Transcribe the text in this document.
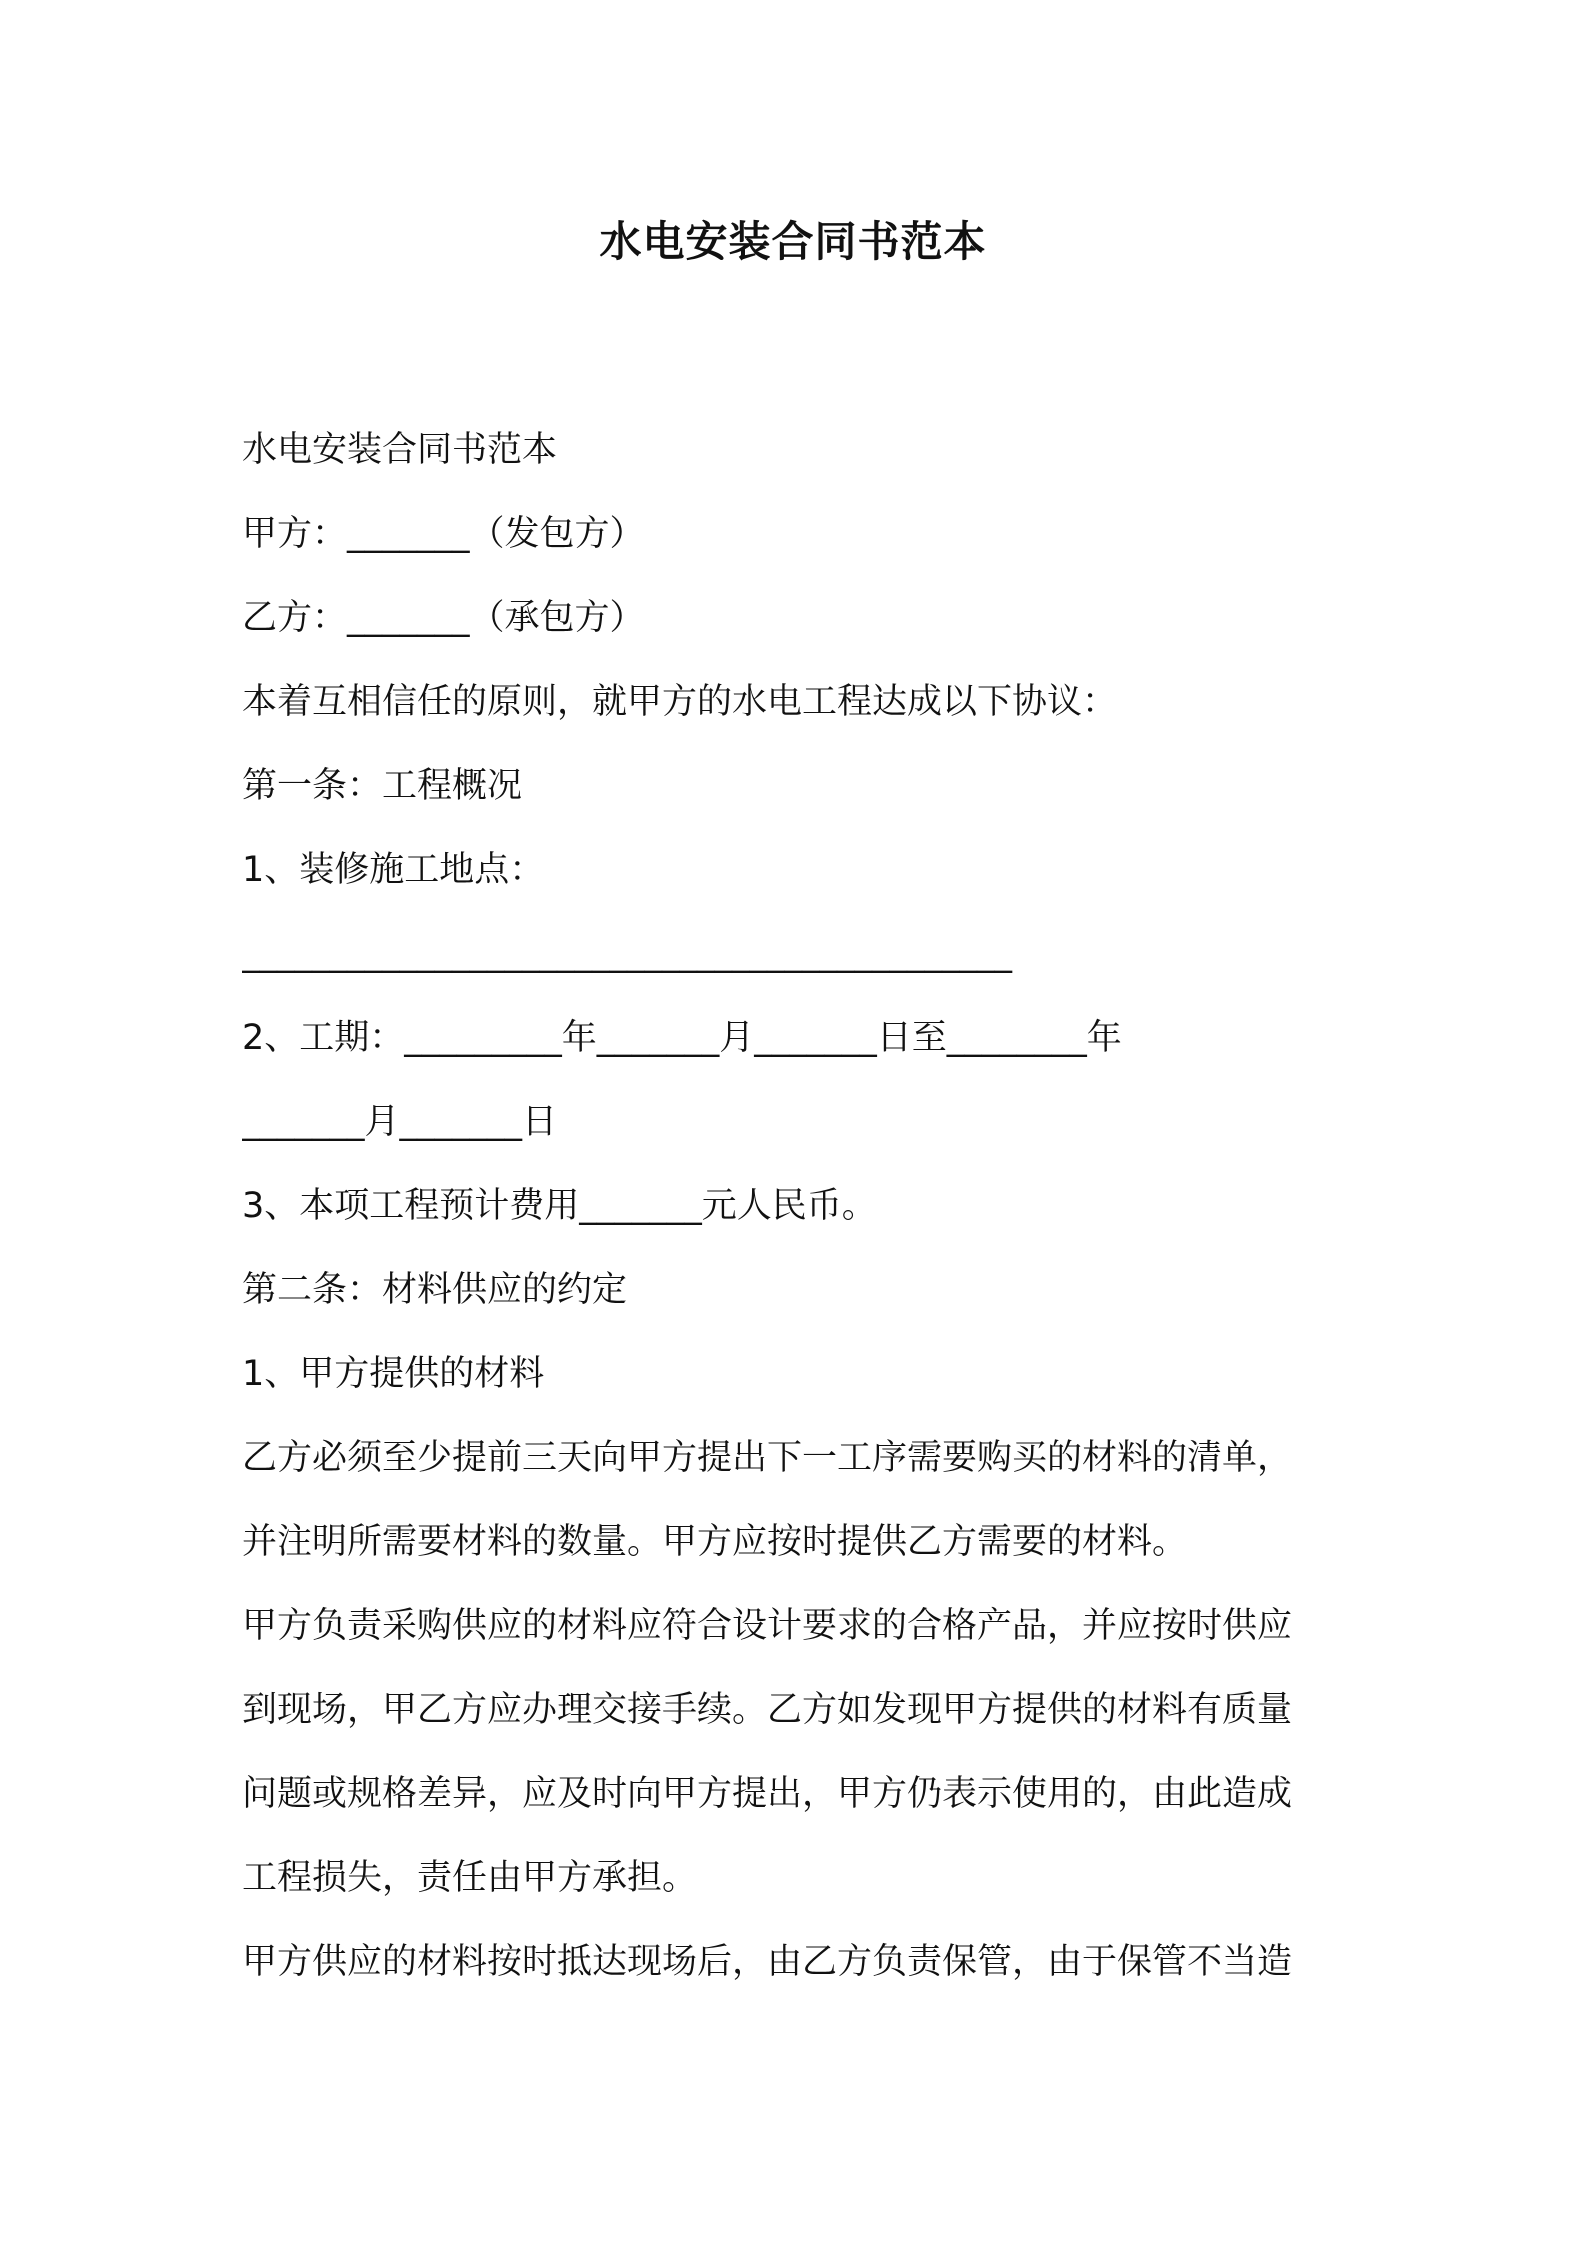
水电安装合同书范本
水电安装合同书范本
甲方：_______（发包方）
乙方：_______（承包方）
本着互相信任的原则，就甲方的水电工程达成以下协议：
第一条：工程概况
1、装修施工地点：
____________________________________________
2、工期：_________年_______月_______日至________年
_______月_______日
3、本项工程预计费用_______元人民币。
第二条：材料供应的约定
1、甲方提供的材料
乙方必须至少提前三天向甲方提出下一工序需要购买的材料的清单，
并注明所需要材料的数量。甲方应按时提供乙方需要的材料。
甲方负责采购供应的材料应符合设计要求的合格产品，并应按时供应
到现场，甲乙方应办理交接手续。乙方如发现甲方提供的材料有质量
问题或规格差异，应及时向甲方提出，甲方仍表示使用的，由此造成
工程损失，责任由甲方承担。
甲方供应的材料按时抵达现场后，由乙方负责保管，由于保管不当造
